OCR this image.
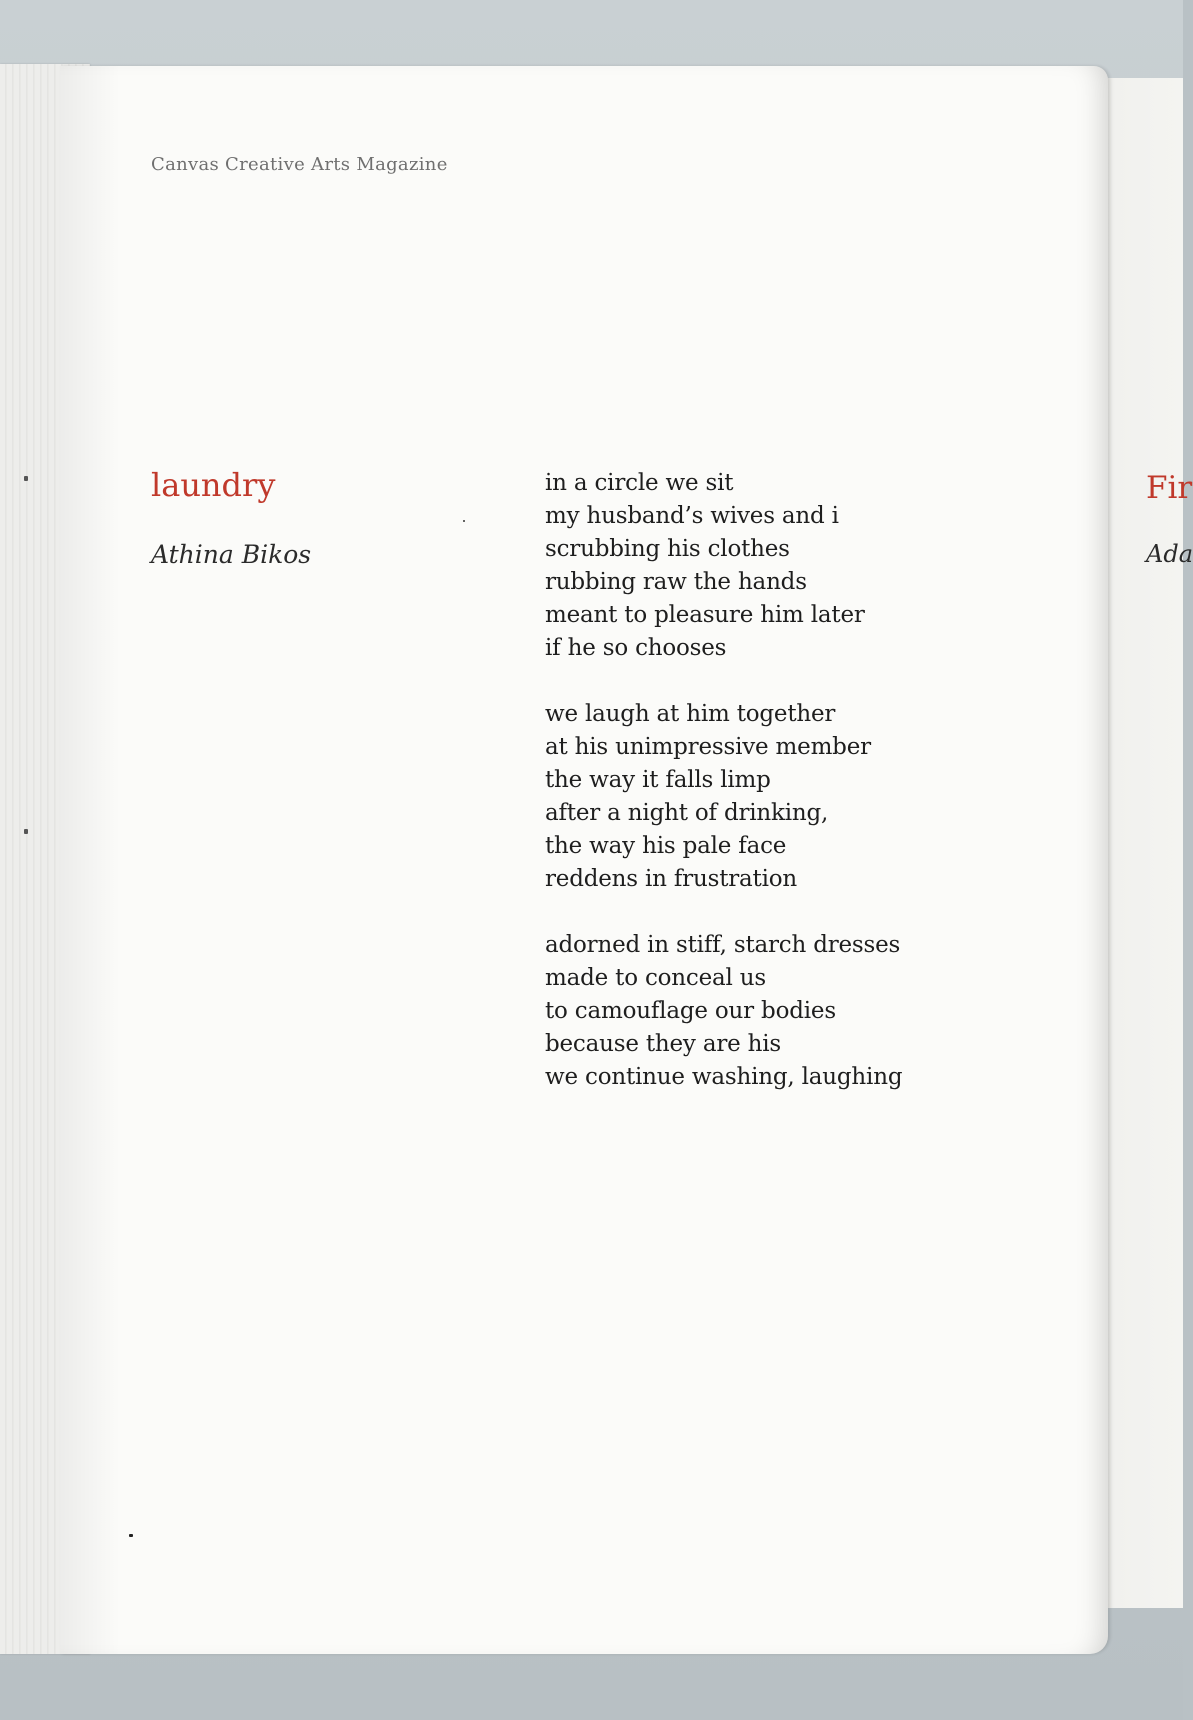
Fir
Ada
Canvas Creative Arts Magazine
laundry
Athina Bikos
in a circle we sit
my husband’s wives and i
scrubbing his clothes
rubbing raw the hands
meant to pleasure him later
if he so chooses
we laugh at him together
at his unimpressive member
the way it falls limp
after a night of drinking,
the way his pale face
reddens in frustration
adorned in stiff, starch dresses
made to conceal us
to camouflage our bodies
because they are his
we continue washing, laughing
